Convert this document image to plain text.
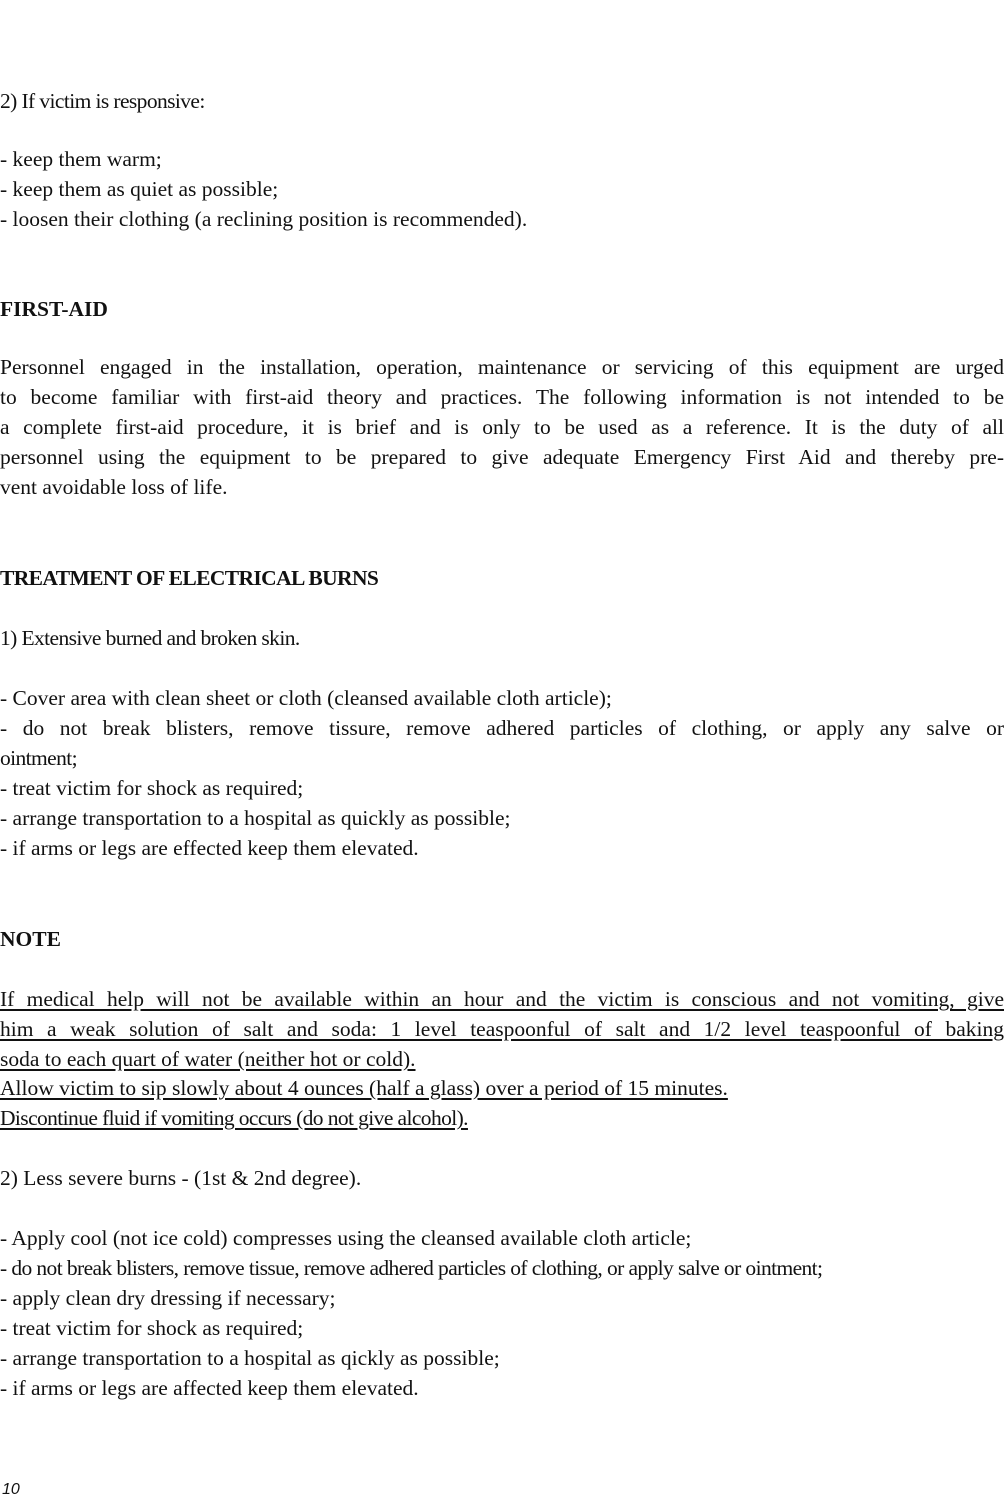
2) If victim is responsive:

- keep them warm;

- keep them as quiet as possible;

- loosen their clothing (a reclining position is recommended).

FIRST-AID

Personnel engaged in the installation, operation, maintenance or servicing of this equipment are urged

to become familiar with first-aid theory and practices. The following information is not intended to be

a complete first-aid procedure, it is brief and is only to be used as a reference. It is the duty of all

personnel using the equipment to be prepared to give adequate Emergency First Aid and thereby pre-

vent avoidable loss of life.

TREATMENT OF ELECTRICAL BURNS

1) Extensive burned and broken skin.

- Cover area with clean sheet or cloth (cleansed available cloth article);

- do not break blisters, remove tissure, remove adhered particles of clothing, or apply any salve or

ointment;

- treat victim for shock as required;

- arrange transportation to a hospital as quickly as possible;

- if arms or legs are effected keep them elevated.

NOTE

If medical help will not be available within an hour and the victim is conscious and not vomiting, give

him a weak solution of salt and soda: 1 level teaspoonful of salt and 1/2 level teaspoonful of baking

soda to each quart of water (neither hot or cold).

Allow victim to sip slowly about 4 ounces (half a glass) over a period of 15 minutes.

Discontinue fluid if vomiting occurs (do not give alcohol).

2) Less severe burns - (1st & 2nd degree).

- Apply cool (not ice cold) compresses using the cleansed available cloth article;

- do not break blisters, remove tissue, remove adhered particles of clothing, or apply salve or ointment;

- apply clean dry dressing if necessary;

- treat victim for shock as required;

- arrange transportation to a hospital as qickly as possible;

- if arms or legs are affected keep them elevated.

10
